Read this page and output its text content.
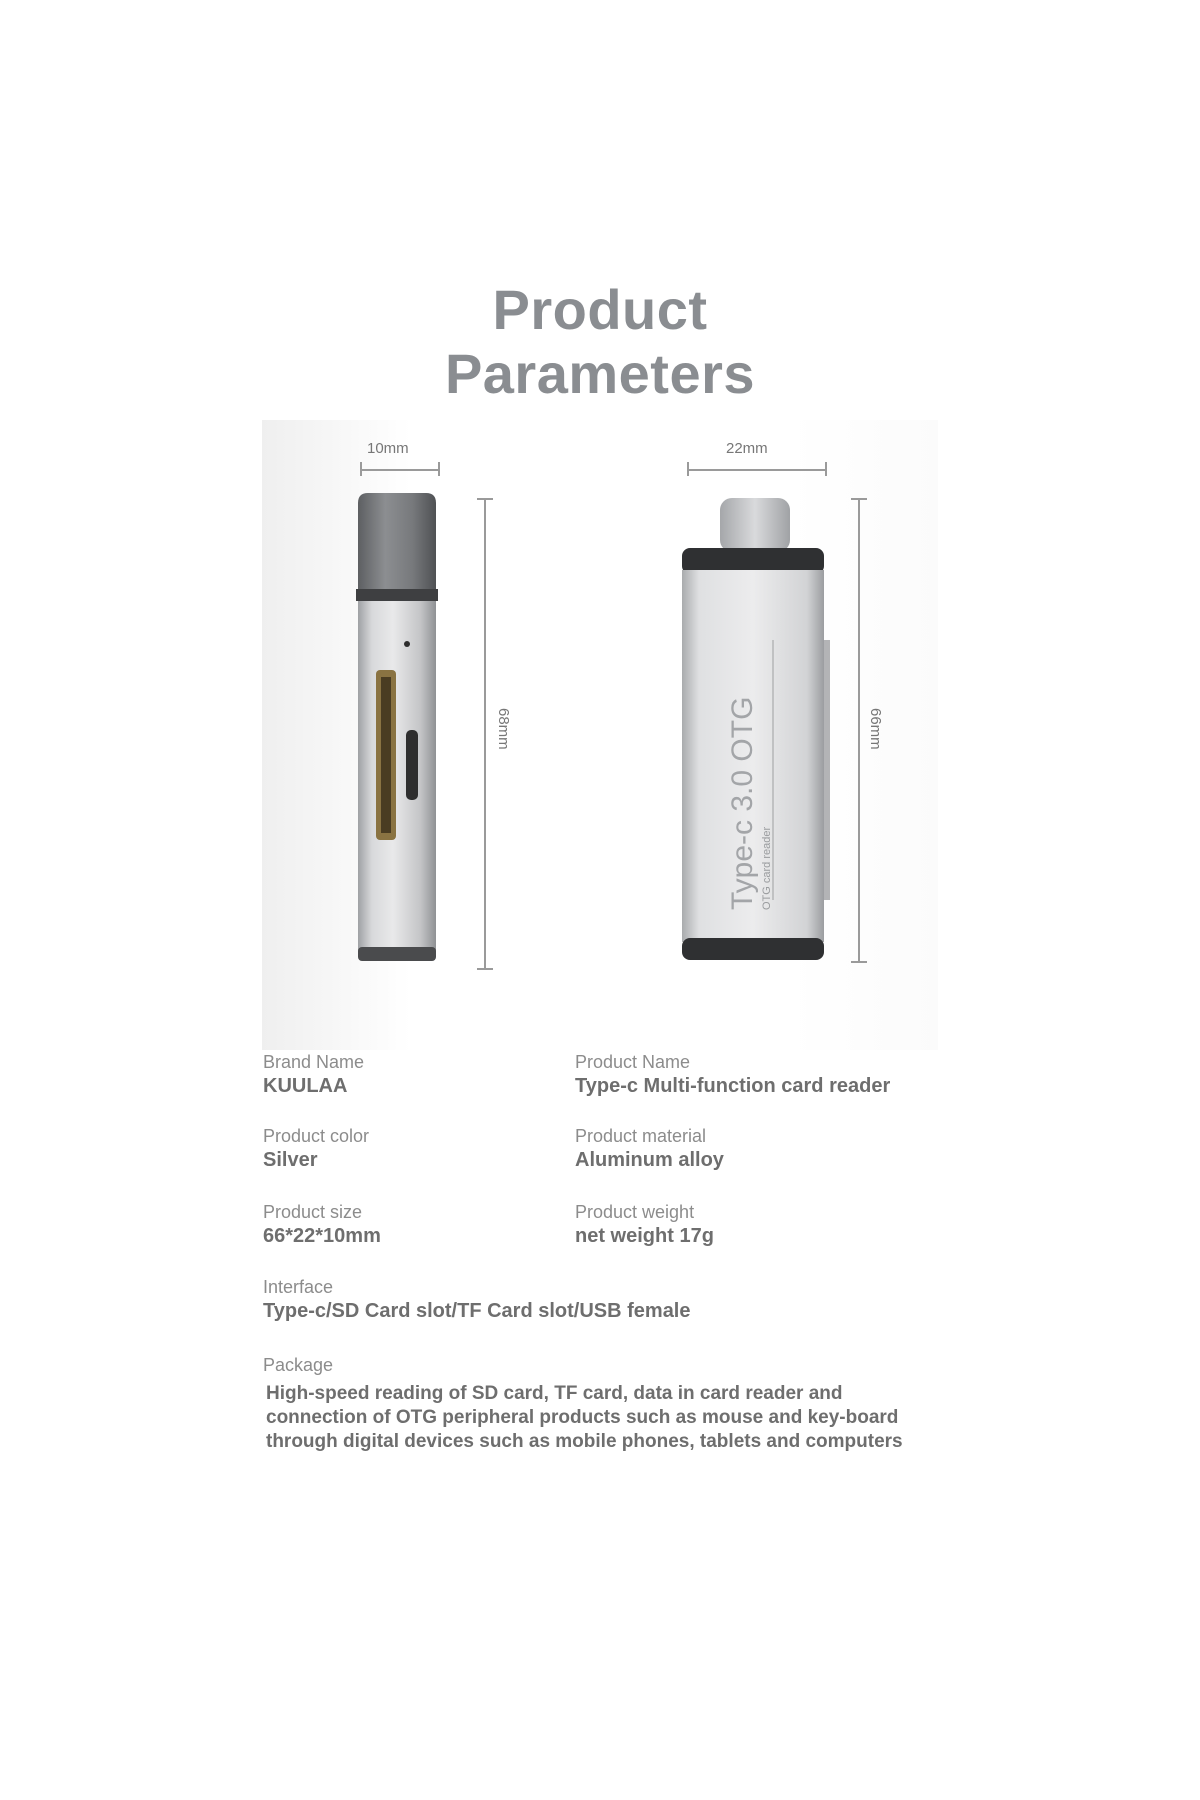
Product
Parameters
10mm
68mm
22mm
66mm
Type-c 3.0 OTG OTG card reader
Brand Name
KUULAA
Product Name
Type-c Multi-function card reader
Product color
Silver
Product material
Aluminum alloy
Product size
66*22*10mm
Product weight
net weight 17g
Interface
Type-c/SD Card slot/TF Card slot/USB female
Package
High-speed reading of SD card, TF card, data in card reader and connection of OTG peripheral products such as mouse and key-board through digital devices such as mobile phones, tablets and computers
